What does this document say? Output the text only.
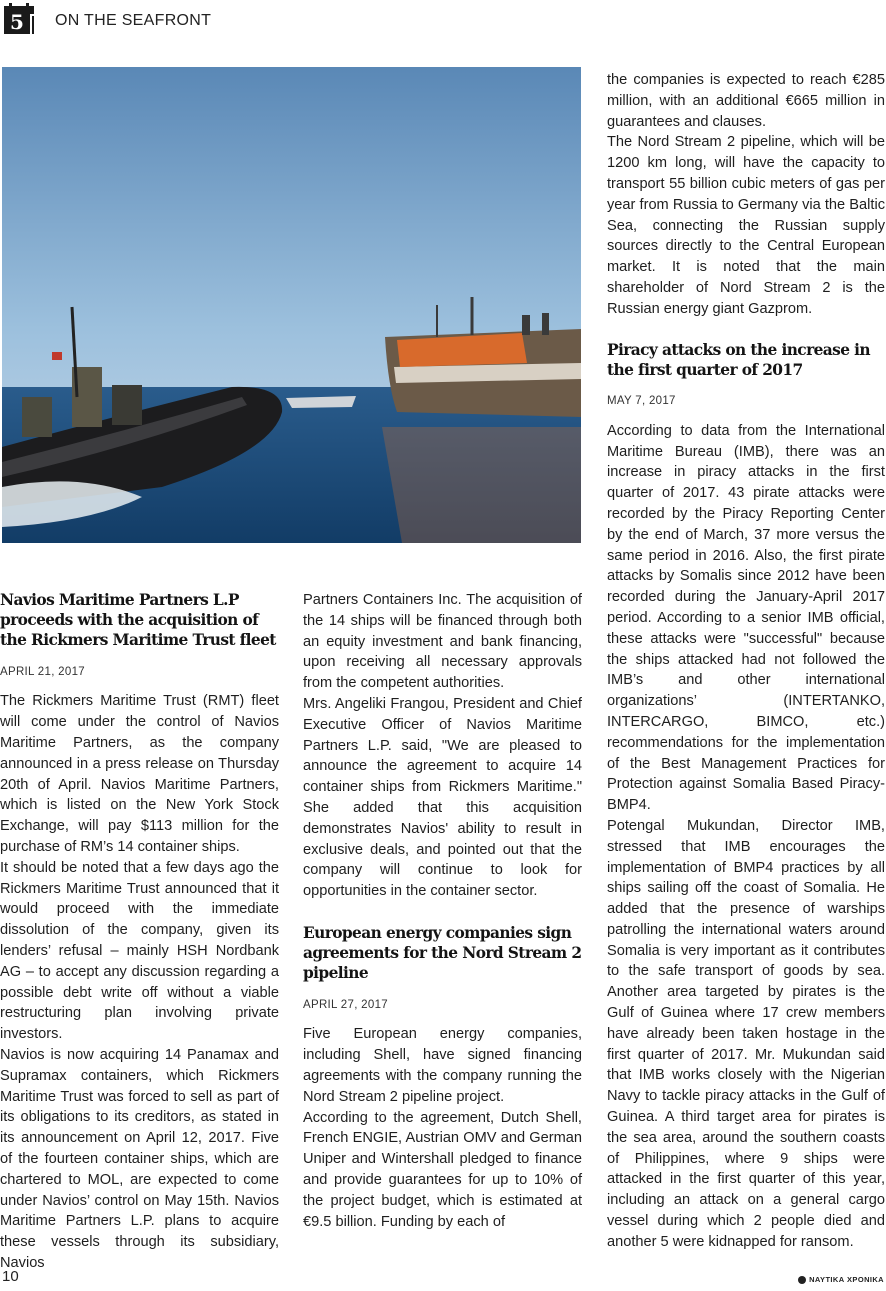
5 ON THE SEAFRONT
Navios Maritime Partners L.P proceeds with the acquisition of the Rickmers Maritime Trust fleet
APRIL 21, 2017

The Rickmers Maritime Trust (RMT) fleet will come under the control of Navios Maritime Partners, as the company announced in a press release on Thursday 20th of April. Navios Maritime Partners, which is listed on the New York Stock Exchange, will pay $113 million for the purchase of RM’s 14 container ships.

It should be noted that a few days ago the Rickmers Maritime Trust announced that it would proceed with the immediate dissolution of the company, given its lenders’ refusal – mainly HSH Nordbank AG – to accept any discussion regarding a possible debt write off without a viable restructuring plan involving private investors.

Navios is now acquiring 14 Panamax and Supramax containers, which Rickmers Maritime Trust was forced to sell as part of its obligations to its creditors, as stated in its announcement on April 12, 2017. Five of the fourteen container ships, which are chartered to MOL, are expected to come under Navios’ control on May 15th. Navios Maritime Partners L.P. plans to acquire these vessels through its subsidiary, Navios

Partners Containers Inc. The acquisition of the 14 ships will be financed through both an equity investment and bank financing, upon receiving all necessary approvals from the competent authorities.

Mrs. Angeliki Frangou, President and Chief Executive Officer of Navios Maritime Partners L.P. said, "We are pleased to announce the agreement to acquire 14 container ships from Rickmers Maritime." She added that this acquisition demonstrates Navios' ability to result in exclusive deals, and pointed out that the company will continue to look for opportunities in the container sector.

European energy companies sign agreements for the Nord Stream 2 pipeline
APRIL 27, 2017

Five European energy companies, including Shell, have signed financing agreements with the company running the Nord Stream 2 pipeline project.

According to the agreement, Dutch Shell, French ENGIE, Austrian OMV and German Uniper and Wintershall pledged to finance and provide guarantees for up to 10% of the project budget, which is estimated at €9.5 billion. Funding by each of

the companies is expected to reach €285 million, with an additional €665 million in guarantees and clauses.

The Nord Stream 2 pipeline, which will be 1200 km long, will have the capacity to transport 55 billion cubic meters of gas per year from Russia to Germany via the Baltic Sea, connecting the Russian supply sources directly to the Central European market. It is noted that the main shareholder of Nord Stream 2 is the Russian energy giant Gazprom.

Piracy attacks on the increase in the first quarter of 2017
MAY 7, 2017

According to data from the International Maritime Bureau (IMB), there was an increase in piracy attacks in the first quarter of 2017. 43 pirate attacks were recorded by the Piracy Reporting Center by the end of March, 37 more versus the same period in 2016. Also, the first pirate attacks by Somalis since 2012 have been recorded during the January-April 2017 period. According to a senior IMB official, these attacks were "successful" because the ships attacked had not followed the IMB’s and other international organizations’ (INTERTANKO, INTERCARGO, BIMCO, etc.) recommendations for the implementation of the Best Management Practices for Protection against Somalia Based Piracy- BMP4.

Potengal Mukundan, Director IMB, stressed that IMB encourages the implementation of BMP4 practices by all ships sailing off the coast of Somalia. He added that the presence of warships patrolling the international waters around Somalia is very important as it contributes to the safe transport of goods by sea. Another area targeted by pirates is the Gulf of Guinea where 17 crew members have already been taken hostage in the first quarter of 2017. Mr. Mukundan said that IMB works closely with the Nigerian Navy to tackle piracy attacks in the Gulf of Guinea. A third target area for pirates is the sea area, around the southern coasts of Philippines, where 9 ships were attacked in the first quarter of this year, including an attack on a general cargo vessel during which 2 people died and another 5 were kidnapped for ransom.

10	ΝΑΥΤΙΚΑ ΧΡΟΝΙΚΑ
